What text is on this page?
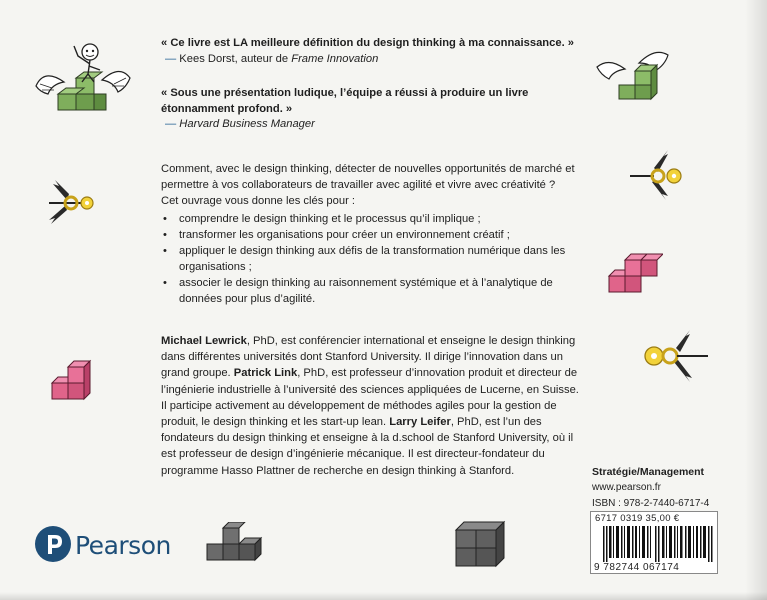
« Ce livre est LA meilleure définition du design thinking à ma connaissance. »
— Kees Dorst, auteur de Frame Innovation
« Sous une présentation ludique, l’équipe a réussi à produire un livre étonnamment profond. »
— Harvard Business Manager
Comment, avec le design thinking, détecter de nouvelles opportunités de marché et permettre à vos collaborateurs de travailler avec agilité et vivre avec créativité ?
Cet ouvrage vous donne les clés pour :
• comprendre le design thinking et le processus qu’il implique ;
• transformer les organisations pour créer un environnement créatif ;
• appliquer le design thinking aux défis de la transformation numérique dans les organisations ;
• associer le design thinking au raisonnement systémique et à l’analytique de données pour plus d’agilité.
Michael Lewrick, PhD, est conférencier international et enseigne le design thinking dans différentes universités dont Stanford University. Il dirige l’innovation dans un grand groupe. Patrick Link, PhD, est professeur d’innovation produit et directeur de l’ingénierie industrielle à l’université des sciences appliquées de Lucerne, en Suisse. Il participe activement au développement de méthodes agiles pour la gestion de produit, le design thinking et les start-up lean. Larry Leifer, PhD, est l’un des fondateurs du design thinking et enseigne à la d.school de Stanford University, où il est professeur de design d’ingénierie mécanique. Il est directeur-fondateur du programme Hasso Plattner de recherche en design thinking à Stanford.	Stratégie/Management
www.pearson.fr
ISBN : 978-2-7440-6717-4
6717 0319 35,00 €
9 782744 067174
Pearson
